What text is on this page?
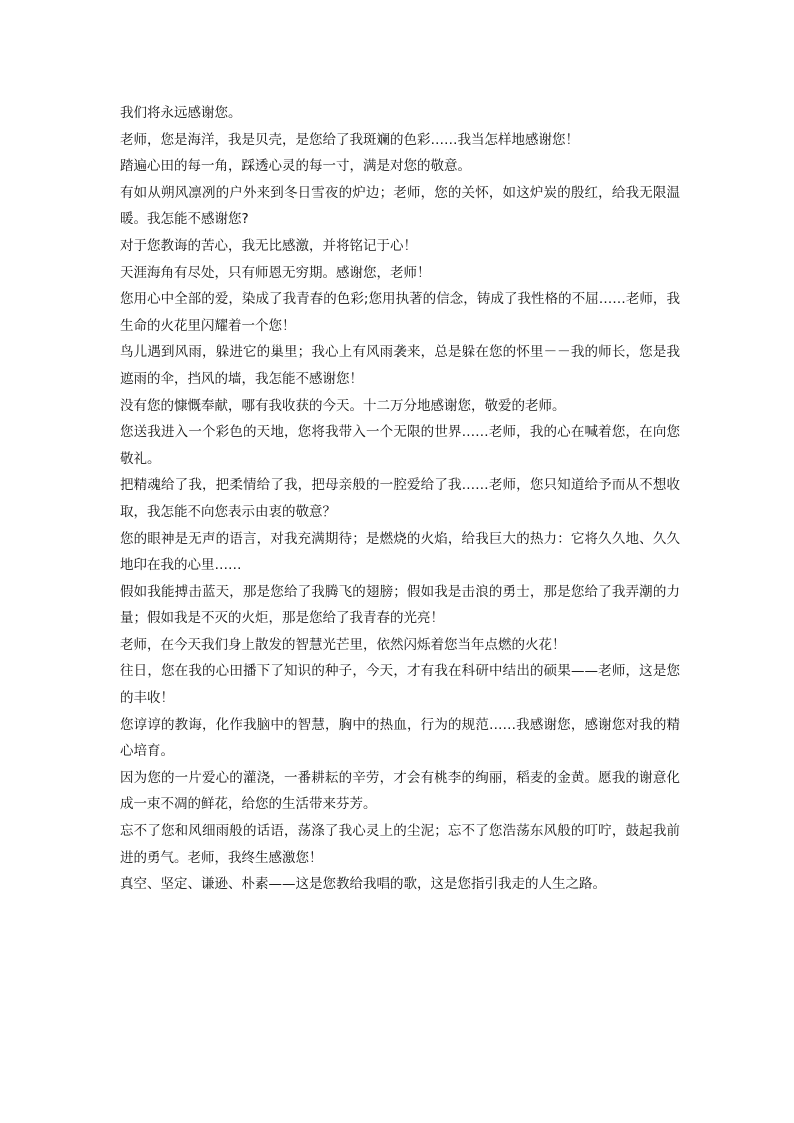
我们将永远感谢您。

老师，您是海洋，我是贝壳，是您给了我斑斓的色彩……我当怎样地感谢您！

踏遍心田的每一角，踩透心灵的每一寸，满是对您的敬意。

有如从朔风凛冽的户外来到冬日雪夜的炉边；老师，您的关怀，如这炉炭的殷红，给我无限温暖。我怎能不感谢您?

对于您教诲的苦心，我无比感激，并将铭记于心！

天涯海角有尽处，只有师恩无穷期。感谢您，老师！

您用心中全部的爱，染成了我青春的色彩;您用执著的信念，铸成了我性格的不屈……老师，我生命的火花里闪耀着一个您！

鸟儿遇到风雨，躲进它的巢里；我心上有风雨袭来，总是躲在您的怀里－－我的师长，您是我遮雨的伞，挡风的墙，我怎能不感谢您！

没有您的慷慨奉献，哪有我收获的今天。十二万分地感谢您，敬爱的老师。

您送我进入一个彩色的天地，您将我带入一个无限的世界……老师，我的心在喊着您，在向您敬礼。

把精魂给了我，把柔情给了我，把母亲般的一腔爱给了我……老师，您只知道给予而从不想收取，我怎能不向您表示由衷的敬意？

您的眼神是无声的语言，对我充满期待；是燃烧的火焰，给我巨大的热力：它将久久地、久久地印在我的心里……

假如我能搏击蓝天，那是您给了我腾飞的翅膀；假如我是击浪的勇士，那是您给了我弄潮的力量；假如我是不灭的火炬，那是您给了我青春的光亮！

老师，在今天我们身上散发的智慧光芒里，依然闪烁着您当年点燃的火花！

往日，您在我的心田播下了知识的种子，今天，才有我在科研中结出的硕果——老师，这是您的丰收！

您谆谆的教诲，化作我脑中的智慧，胸中的热血，行为的规范……我感谢您，感谢您对我的精心培育。

因为您的一片爱心的灌浇，一番耕耘的辛劳，才会有桃李的绚丽，稻麦的金黄。愿我的谢意化成一束不凋的鲜花，给您的生活带来芬芳。

忘不了您和风细雨般的话语，荡涤了我心灵上的尘泥；忘不了您浩荡东风般的叮咛，鼓起我前进的勇气。老师，我终生感激您！

真空、坚定、谦逊、朴素——这是您教给我唱的歌，这是您指引我走的人生之路。
